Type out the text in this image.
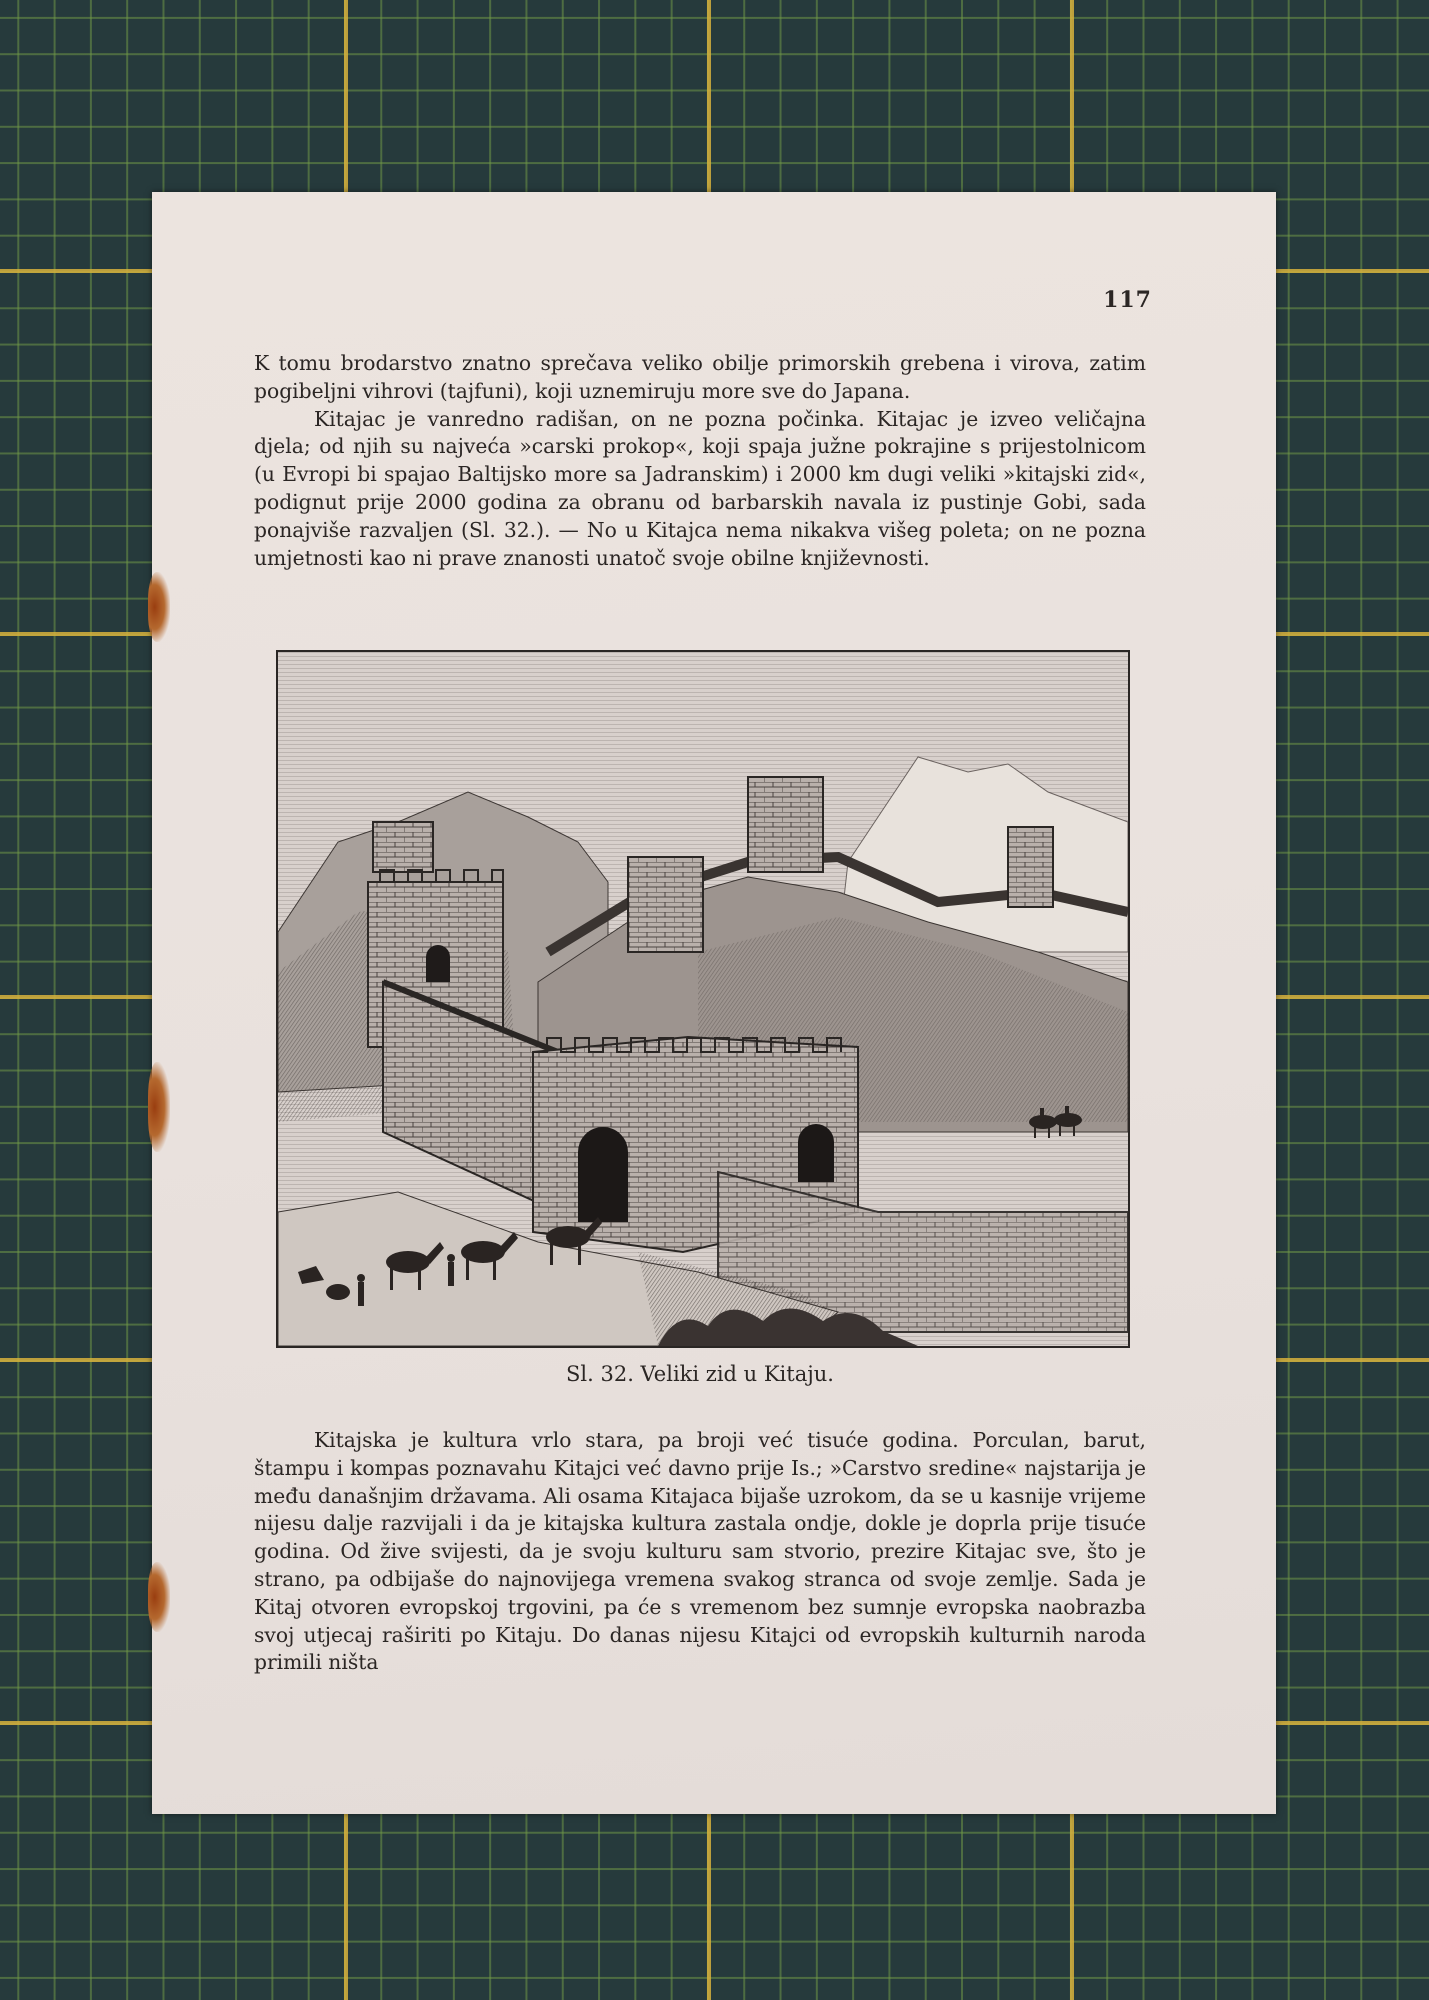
117

K tomu brodarstvo znatno sprečava veliko obilje primorskih grebena i virova, zatim pogibeljni vihrovi (tajfuni), koji uznemiruju more sve do Japana.

Kitajac je vanredno radišan, on ne pozna počinka. Kitajac je izveo veličajna djela; od njih su najveća »carski prokop«, koji spaja južne pokrajine s prijestolnicom (u Evropi bi spajao Baltijsko more sa Jadranskim) i 2000 km dugi veliki »kitajski zid«, podignut prije 2000 godina za obranu od barbarskih navala iz pustinje Gobi, sada ponajviše razvaljen (Sl. 32.). — No u Kitajca nema nikakva višeg poleta; on ne pozna umjetnosti kao ni prave znanosti unatoč svoje obilne književnosti.

Sl. 32. Veliki zid u Kitaju.

Kitajska je kultura vrlo stara, pa broji već tisuće godina. Porculan, barut, štampu i kompas poznavahu Kitajci već davno prije Is.; »Carstvo sredine« najstarija je među današnjim državama. Ali osama Kitajaca bijaše uzrokom, da se u kasnije vrijeme nijesu dalje razvijali i da je kitajska kultura zastala ondje, dokle je doprla prije tisuće godina. Od žive svijesti, da je svoju kulturu sam stvorio, prezire Kitajac sve, što je strano, pa odbijaše do najnovijega vremena svakog stranca od svoje zemlje. Sada je Kitaj otvoren evropskoj trgovini, pa će s vremenom bez sumnje evropska naobrazba svoj utjecaj raširiti po Kitaju. Do danas nijesu Kitajci od evropskih kulturnih naroda primili ništa
